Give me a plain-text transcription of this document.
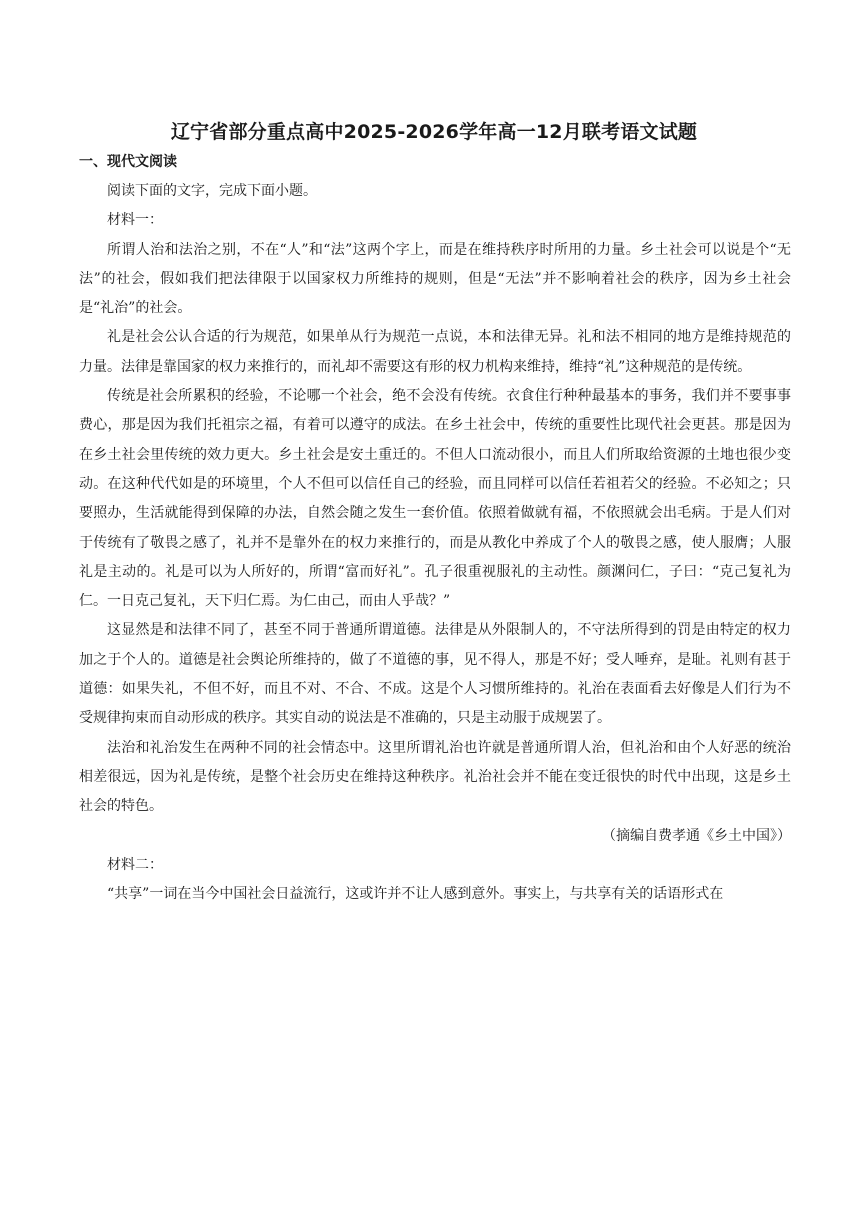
辽宁省部分重点高中2025-2026学年高一12月联考语文试题
一、现代文阅读

阅读下面的文字，完成下面小题。

材料一：

所谓人治和法治之别，不在“人”和“法”这两个字上，而是在维持秩序时所用的力量。乡土社会可以说是个“无法”的社会，假如我们把法律限于以国家权力所维持的规则，但是“无法”并不影响着社会的秩序，因为乡土社会是“礼治”的社会。

礼是社会公认合适的行为规范，如果单从行为规范一点说，本和法律无异。礼和法不相同的地方是维持规范的力量。法律是靠国家的权力来推行的，而礼却不需要这有形的权力机构来维持，维持“礼”这种规范的是传统。

传统是社会所累积的经验，不论哪一个社会，绝不会没有传统。衣食住行种种最基本的事务，我们并不要事事费心，那是因为我们托祖宗之福，有着可以遵守的成法。在乡土社会中，传统的重要性比现代社会更甚。那是因为在乡土社会里传统的效力更大。乡土社会是安土重迁的。不但人口流动很小，而且人们所取给资源的土地也很少变动。在这种代代如是的环境里，个人不但可以信任自己的经验，而且同样可以信任若祖若父的经验。不必知之；只要照办，生活就能得到保障的办法，自然会随之发生一套价值。依照着做就有福，不依照就会出毛病。于是人们对于传统有了敬畏之感了，礼并不是靠外在的权力来推行的，而是从教化中养成了个人的敬畏之感，使人服膺；人服礼是主动的。礼是可以为人所好的，所谓“富而好礼”。孔子很重视服礼的主动性。颜渊问仁，子曰：“克己复礼为仁。一日克己复礼，天下归仁焉。为仁由己，而由人乎哉？”

这显然是和法律不同了，甚至不同于普通所谓道德。法律是从外限制人的，不守法所得到的罚是由特定的权力加之于个人的。道德是社会舆论所维持的，做了不道德的事，见不得人，那是不好；受人唾弃，是耻。礼则有甚于道德：如果失礼，不但不好，而且不对、不合、不成。这是个人习惯所维持的。礼治在表面看去好像是人们行为不受规律拘束而自动形成的秩序。其实自动的说法是不准确的，只是主动服于成规罢了。

法治和礼治发生在两种不同的社会情态中。这里所谓礼治也许就是普通所谓人治，但礼治和由个人好恶的统治相差很远，因为礼是传统，是整个社会历史在维持这种秩序。礼治社会并不能在变迁很快的时代中出现，这是乡土社会的特色。

（摘编自费孝通《乡土中国》）

材料二：

“共享”一词在当今中国社会日益流行，这或许并不让人感到意外。事实上，与共享有关的话语形式在
